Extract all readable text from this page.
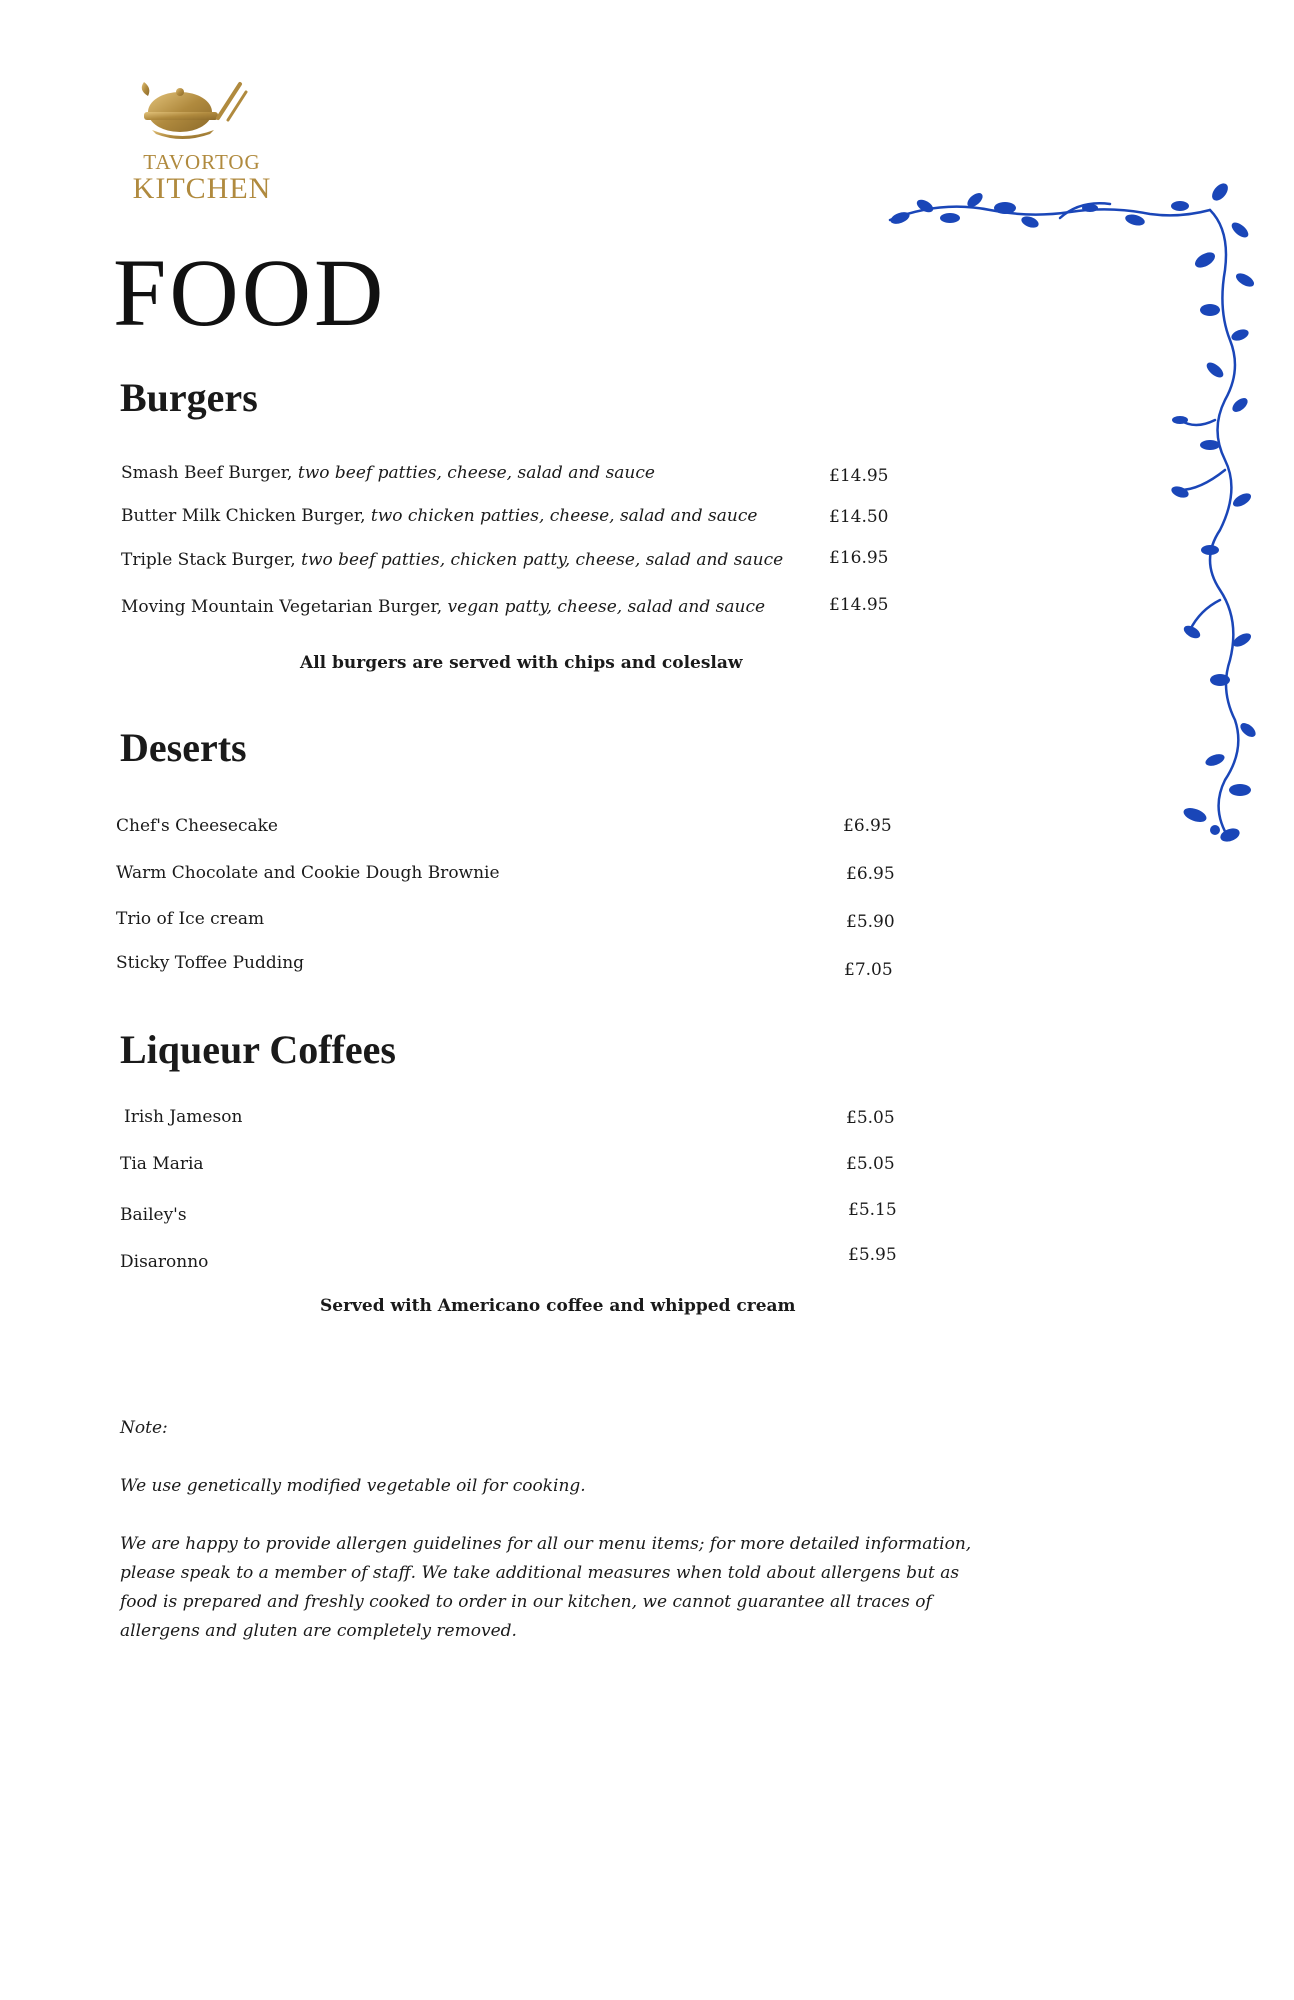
TAVORTOG
KITCHEN
FOOD
Burgers
Smash Beef Burger, two beef patties, cheese, salad and sauce	£14.95
Butter Milk Chicken Burger, two chicken patties, cheese, salad and sauce	£14.50
Triple Stack Burger, two beef patties, chicken patty, cheese, salad and sauce	£16.95
Moving Mountain Vegetarian Burger, vegan patty, cheese, salad and sauce	£14.95
All burgers are served with chips and coleslaw
Deserts
Chef's Cheesecake	£6.95
Warm Chocolate and Cookie Dough Brownie	£6.95
Trio of Ice cream	£5.90
Sticky Toffee Pudding	£7.05
Liqueur Coffees
Irish Jameson	£5.05
Tia Maria	£5.05
Bailey's	£5.15
Disaronno	£5.95
Served with Americano coffee and whipped cream
Note:
We use genetically modified vegetable oil for cooking.

We are happy to provide allergen guidelines for all our menu items; for more detailed information, please speak to a member of staff. We take additional measures when told about allergens but as food is prepared and freshly cooked to order in our kitchen, we cannot guarantee all traces of allergens and gluten are completely removed.
